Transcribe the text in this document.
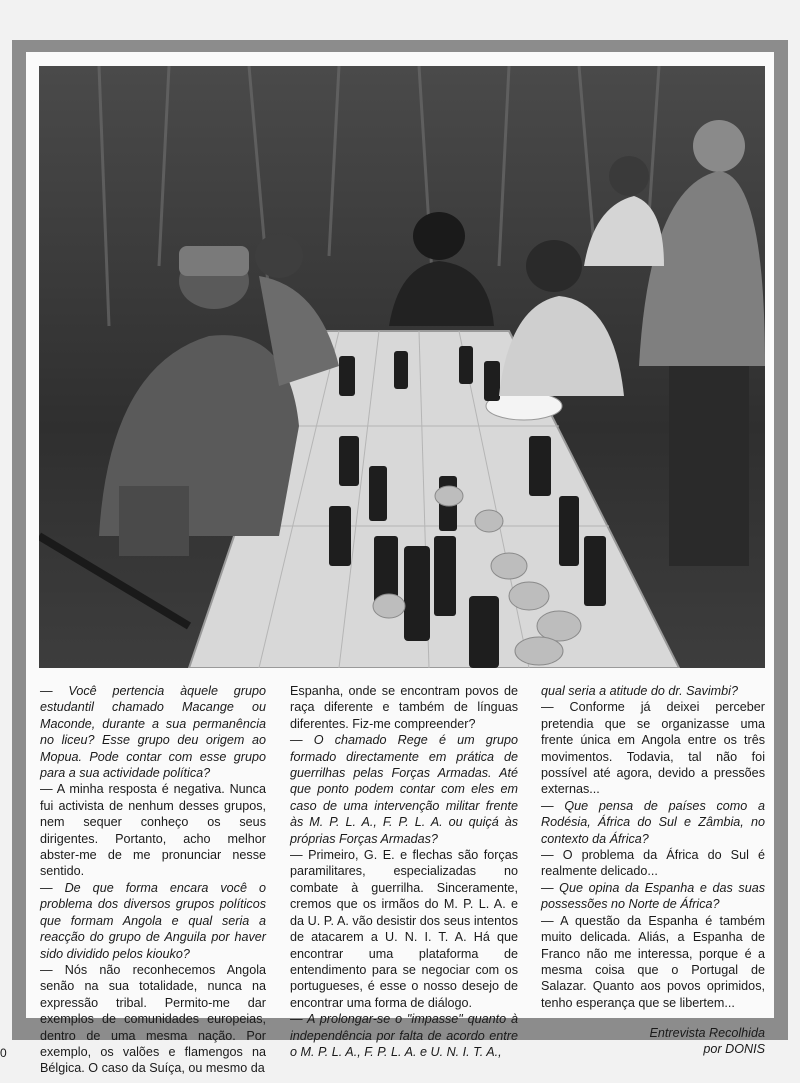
— Você pertencia àquele grupo estudantil chamado Macange ou Maconde, durante a sua permanência no liceu? Esse grupo deu origem ao Mopua. Pode contar com esse grupo para a sua actividade política?

— A minha resposta é negativa. Nunca fui activista de nenhum desses grupos, nem sequer conheço os seus dirigentes. Portanto, acho melhor abster-me de me pronunciar nesse sentido.

— De que forma encara você o problema dos diversos grupos políticos que formam Angola e qual seria a reacção do grupo de Anguila por haver sido dividido pelos kiouko?

— Nós não reconhecemos Angola senão na sua totalidade, nunca na expressão tribal. Permito-me dar exemplos de comunidades europeias, dentro de uma mesma nação. Por exemplo, os valões e flamengos na Bélgica. O caso da Suíça, ou mesmo da

Espanha, onde se encontram povos de raça diferente e também de línguas diferentes. Fiz-me compreender?

— O chamado Rege é um grupo formado directamente em prática de guerrilhas pelas Forças Armadas. Até que ponto podem contar com eles em caso de uma intervenção militar frente às M. P. L. A., F. P. L. A. ou quiçá às próprias Forças Armadas?

— Primeiro, G. E. e flechas são forças paramilitares, especializadas no combate à guerrilha. Sinceramente, cremos que os irmãos do M. P. L. A. e da U. P. A. vão desistir dos seus intentos de atacarem a U. N. I. T. A. Há que encontrar uma plataforma de entendimento para se negociar com os portugueses, é esse o nosso desejo de encontrar uma forma de diálogo.

— A prolongar-se o "impasse" quanto à independência por falta de acordo entre o M. P. L. A., F. P. L. A. e U. N. I. T. A.,

qual seria a atitude do dr. Savimbi?

— Conforme já deixei perceber pretendia que se organizasse uma frente única em Angola entre os três movimentos. Todavia, tal não foi possível até agora, devido a pressões externas...

— Que pensa de países como a Rodésia, África do Sul e Zâmbia, no contexto da África?

— O problema da África do Sul é realmente delicado...

— Que opina da Espanha e das suas possessões no Norte de África?

— A questão da Espanha é também muito delicada. Aliás, a Espanha de Franco não me interessa, porque é a mesma coisa que o Portugal de Salazar. Quanto aos povos oprimidos, tenho esperança que se libertem...

Entrevista Recolhida
por DONIS
0
